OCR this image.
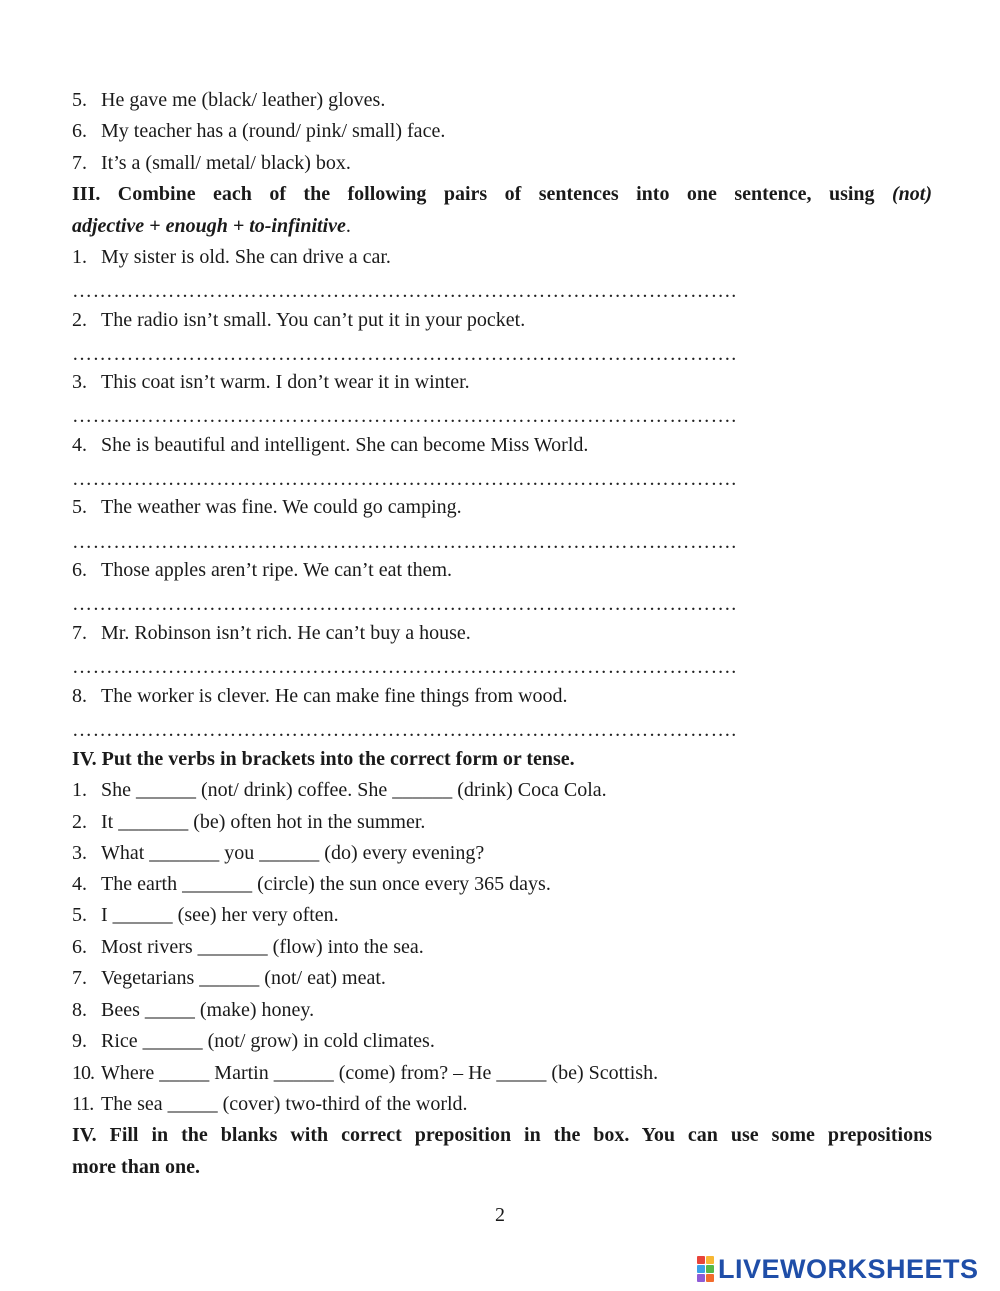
5. He gave me (black/ leather) gloves.
6. My teacher has a (round/ pink/ small) face.
7. It’s a (small/ metal/ black) box.
III. Combine each of the following pairs of sentences into one sentence, using (not)
adjective + enough + to-infinitive.
1. My sister is old. She can drive a car.
…………………………………………………………………………………….
2. The radio isn’t small. You can’t put it in your pocket.
…………………………………………………………………………………….
3. This coat isn’t warm. I don’t wear it in winter.
…………………………………………………………………………………….
4. She is beautiful and intelligent. She can become Miss World.
…………………………………………………………………………………….
5. The weather was fine. We could go camping.
…………………………………………………………………………………….
6. Those apples aren’t ripe. We can’t eat them.
…………………………………………………………………………………….
7. Mr. Robinson isn’t rich. He can’t buy a house.
…………………………………………………………………………………….
8. The worker is clever. He can make fine things from wood.
…………………………………………………………………………………….
IV. Put the verbs in brackets into the correct form or tense.
1. She ______ (not/ drink) coffee. She ______ (drink) Coca Cola.
2. It _______ (be) often hot in the summer.
3. What _______ you ______ (do) every evening?
4. The earth _______ (circle) the sun once every 365 days.
5. I ______ (see) her very often.
6. Most rivers _______ (flow) into the sea.
7. Vegetarians ______ (not/ eat) meat.
8. Bees _____ (make) honey.
9. Rice ______ (not/ grow) in cold climates.
10. Where _____ Martin ______ (come) from? – He _____ (be) Scottish.
11. The sea _____ (cover) two-third of the world.
IV. Fill in the blanks with correct preposition in the box. You can use some prepositions
more than one.
2
LIVEWORKSHEETS
